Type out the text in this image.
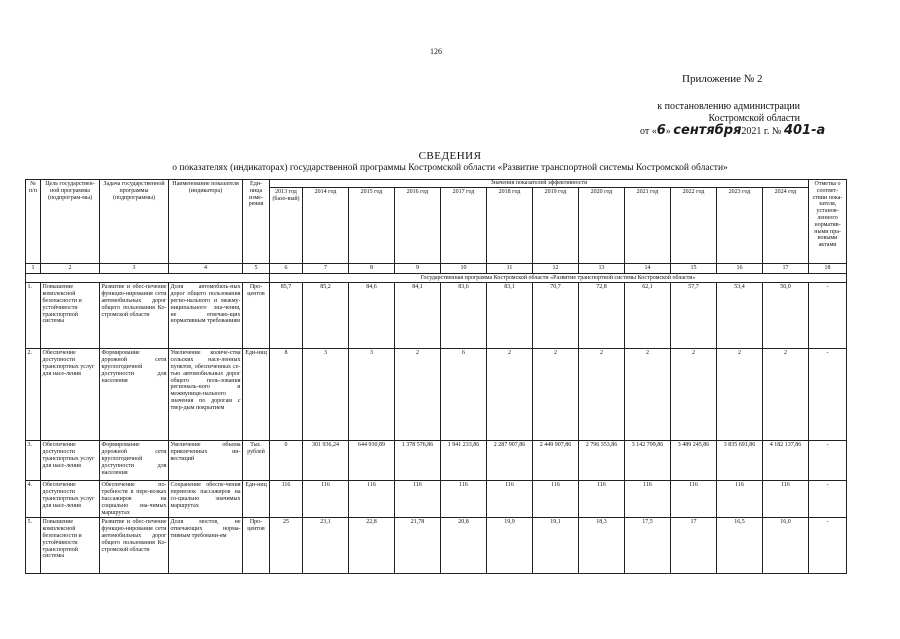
126
Приложение № 2
к постановлению администрации
Костромской области
от «6» сентября2021 г. № 401-а
СВЕДЕНИЯ
о показателях (индикаторах) государственной программы Костромской области «Развитие транспортной системы Костромской области»
№ п/п	Цель государствен-ной программы (подпрограм-мы)	Задача государственной программы (подпрограммы)	Наименование показателя (индикатора)	Еди-ница изме-рения	Значения показателей эффективности												Отметка о соответ-ствии пока-зателя, установ-ленного норматив-ными пра-вовыми актами
					2013 год (базо-вый)	2014 год	2015 год	2016 год	2017 год	2018 год	2019 год	2020 год	2021 год	2022 год	2023 год	2024 год	
1	2	3	4	5	6	7	8	9	10	11	12	13	14	15	16	17	18
					Государственная программа Костромской области «Развитие транспортной системы Костромской области»												
1.	Повышение комплексной безопасности и устойчивости транспортной системы	Развитие и обес-печение функцио-нирования сети автомобильных дорог общего пользования Ко-стромской области	Доля автомобиль-ных дорог общего пользования регио-нального и межму-ниципального зна-чения, не отвечаю-щих нормативным требованиям	Про-центов	85,7	85,2	84,6	84,1	83,6	83,1	70,7	72,8	62,1	57,7	53,4	50,0	-
2.	Обеспечение доступности транспортных услуг для насе-ления	Формирование дорожной сети круглогодичной доступности для населения	Увеличение количе-ства сельских насе-ленных пунктов, обеспеченных се-тью автомобильных дорог общего поль-зования региональ-ного и межмуници-пального значения по дорогам с твер-дым покрытием	Еди-ниц	8	3	3	2	6	2	2	2	2	2	2	2	-
3.	Обеспечение доступности транспортных услуг для насе-ления	Формирование дорожной сети круглогодичной доступности для населения	Увеличение объема привлеченных ин-вестиций	Тыс. рублей	0	301 936,24	644 930,89	1 378 576,86	1 941 233,86	2 287 907,86	2 449 907,86	2 796 353,86	3 142 799,86	3 489 245,86	3 835 691,86	4 182 137,86	-
4.	Обеспечение доступности транспортных услуг для насе-ления	Обеспечение по-требности в пере-возках пассажиров на социально зна-чимых маршрутах	Сохранение обеспе-чения перевозок пассажиров на со-циально значимых маршрутах	Еди-ниц	116	116	116	116	116	116	116	116	116	116	116	116	-
5.	Повышение комплексной безопасности и устойчивости транспортной системы	Развитие и обес-печение функцио-нирования сети автомобильных дорог общего пользования Ко-стромской области	Доля мостов, не отвечающих норма-тивным требовани-ям	Про-центов	25	23,1	22,8	21,78	20,8	19,9	19,1	18,3	17,5	17	16,5	16,0	-
